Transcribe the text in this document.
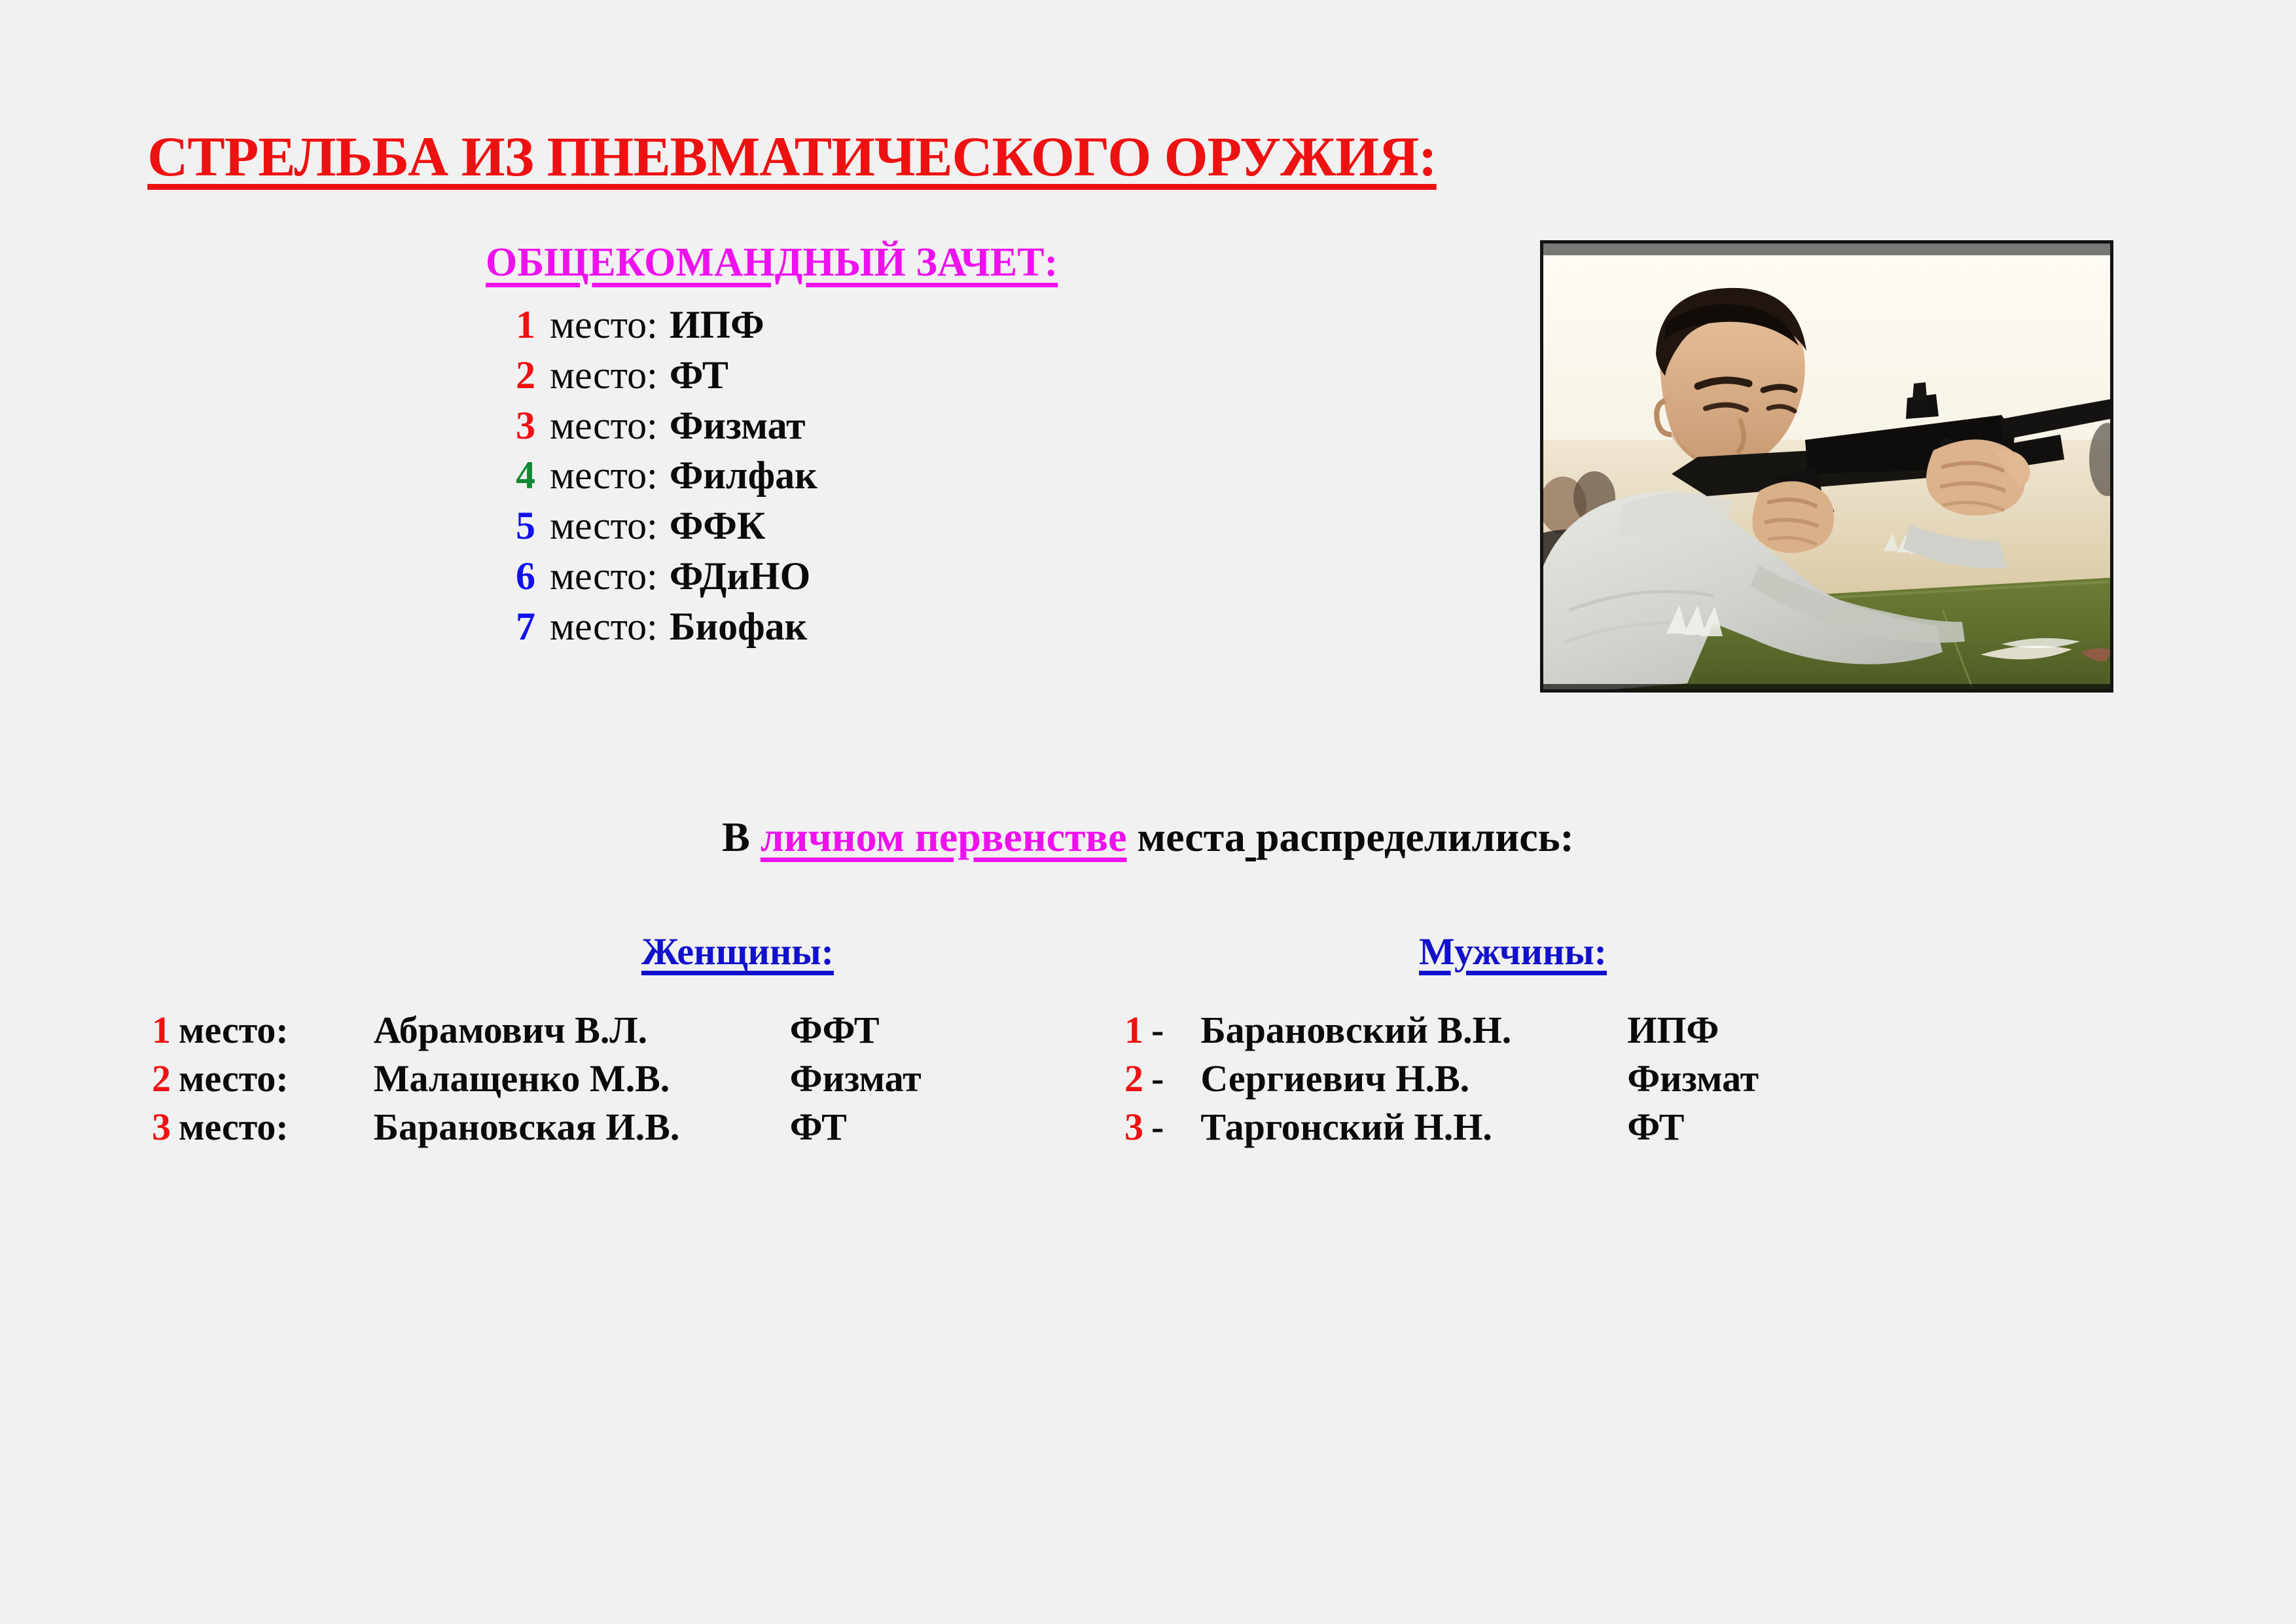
СТРЕЛЬБА ИЗ ПНЕВМАТИЧЕСКОГО ОРУЖИЯ:
ОБЩЕКОМАНДНЫЙ ЗАЧЕТ:
1 место: ИПФ
2 место: ФТ
3 место: Физмат
4 место: Филфак
5 место: ФФК
6 место: ФДиНО
7 место: Биофак
В личном первенстве места распределились:
Женщины:
1	место:	Абрамович В.Л.	ФФТ
2	место:	Малащенко М.В.	Физмат
3	место:	Барановская И.В.	ФТ
Мужчины:
1	-	Барановский В.Н.	ИПФ
2	-	Сергиевич Н.В.	Физмат
3	-	Таргонский Н.Н.	ФТ
